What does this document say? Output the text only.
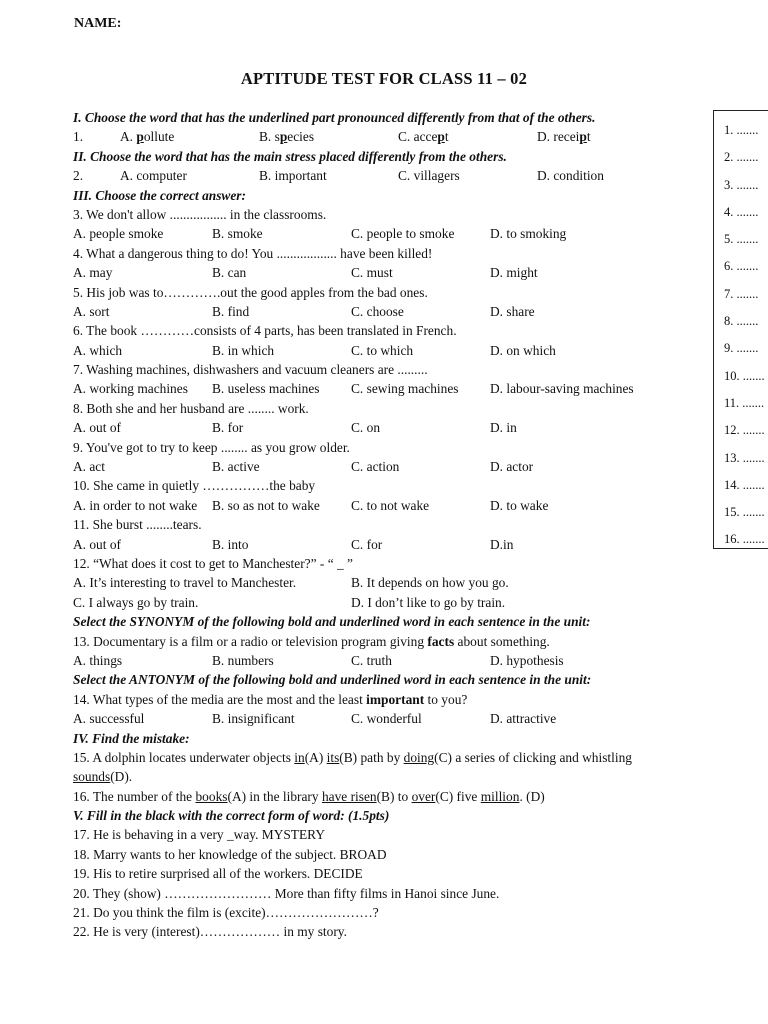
NAME:
APTITUDE TEST FOR CLASS 11 – 02
I. Choose the word that has the underlined part pronounced differently from that of the others.
1.	A. pollute	B. species	C. accept	D. receipt
II. Choose the word that has the main stress placed differently from the others.
2.	A. computer	B. important	C. villagers	D. condition
III. Choose the correct answer:
3. We don't allow ................. in the classrooms.
A. people smoke	B. smoke	C. people to smoke	D. to smoking
4. What a dangerous thing to do! You .................. have been killed!
A. may	B. can	C. must	D. might
5. His job was to………….out the good apples from the bad ones.
A. sort	B. find	C. choose	D. share
6. The book …………consists of 4 parts, has been translated in French.
A. which	B. in which	C. to which	D. on which
7. Washing machines, dishwashers and vacuum cleaners are .........
A. working machines B. useless machines C. sewing machines D. labour-saving machines
8. Both she and her husband are ........ work.
A. out of	B. for	C. on	D. in
9. You've got to try to keep ........ as you grow older.
A. act	B. active	C. action	D. actor
10. She came in quietly ……………the baby
A. in order to not wake B. so as not to wake C. to not wake	D. to wake
11. She burst ........tears.
A. out of	B. into	C. for	D.in
12. “What does it cost to get to Manchester?” - “ _ ”
A. It’s interesting to travel to Manchester.	B. It depends on how you go.
C. I always go by train.	D. I don’t like to go by train.
Select the SYNONYM of the following bold and underlined word in each sentence in the unit:
13. Documentary is a film or a radio or television program giving facts about something.
A. things	B. numbers	C. truth	D. hypothesis
Select the ANTONYM of the following bold and underlined word in each sentence in the unit:
14. What types of the media are the most and the least important to you?
A. successful	B. insignificant	C. wonderful	D. attractive
IV. Find the mistake:
15. A dolphin locates underwater objects in(A) its(B) path by doing(C) a series of clicking and whistling
sounds(D).
16. The number of the books(A) in the library have risen(B) to over(C) five million. (D)
V. Fill in the black with the correct form of word: (1.5pts)
17. He is behaving in a very _way. MYSTERY
18. Marry wants to her knowledge of the subject. BROAD
19. His to retire surprised all of the workers. DECIDE
20. They (show) …………………… More than fifty films in Hanoi since June.
21. Do you think the film is (excite)……………………?
22. He is very (interest)……………… in my story.
1. .......
2. .......
3. .......
4. .......
5. .......
6. .......
7. .......
8. .......
9. .......
10. .......
11. .......
12. .......
13. .......
14. .......
15. .......
16. .......
